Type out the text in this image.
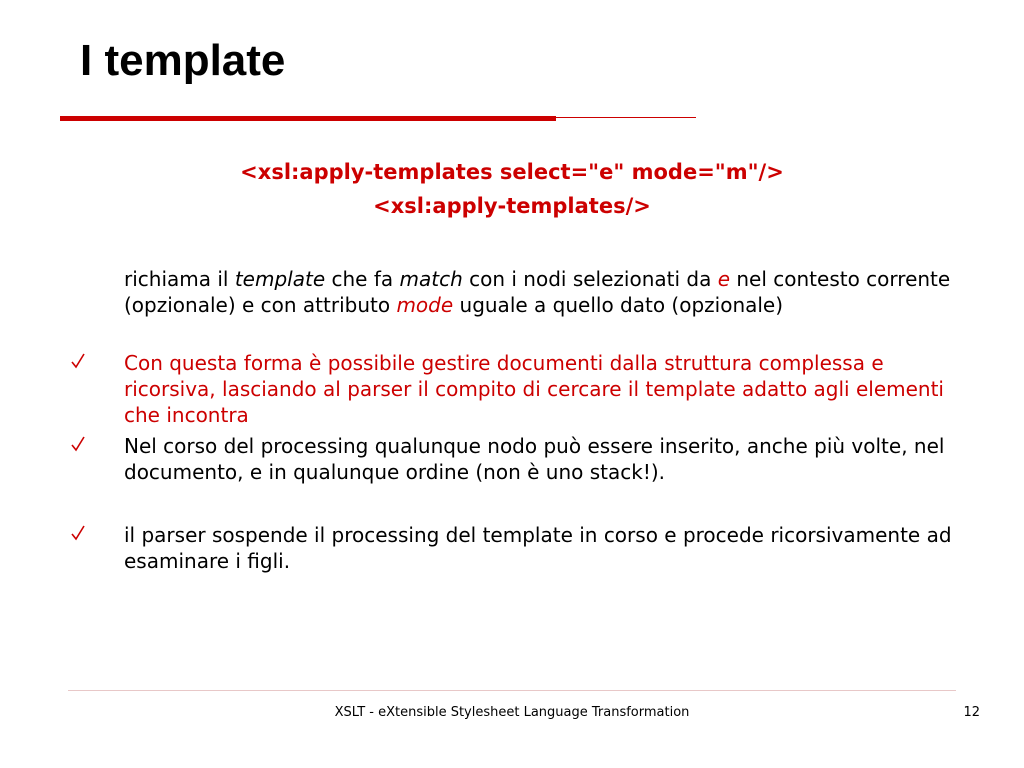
I template
<xsl:apply-templates select="e" mode="m"/>
<xsl:apply-templates/>
richiama il template che fa match con i nodi selezionati da e nel contesto corrente (opzionale) e con attributo mode uguale a quello dato (opzionale)
Con questa forma è possibile gestire documenti dalla struttura complessa e ricorsiva, lasciando al parser il compito di cercare il template adatto agli elementi che incontra
Nel corso del processing qualunque nodo può essere inserito, anche più volte, nel documento, e in qualunque ordine (non è uno stack!).
il parser sospende il processing del template in corso e procede ricorsivamente ad esaminare i figli.
XSLT - eXtensible Stylesheet Language Transformation	12
